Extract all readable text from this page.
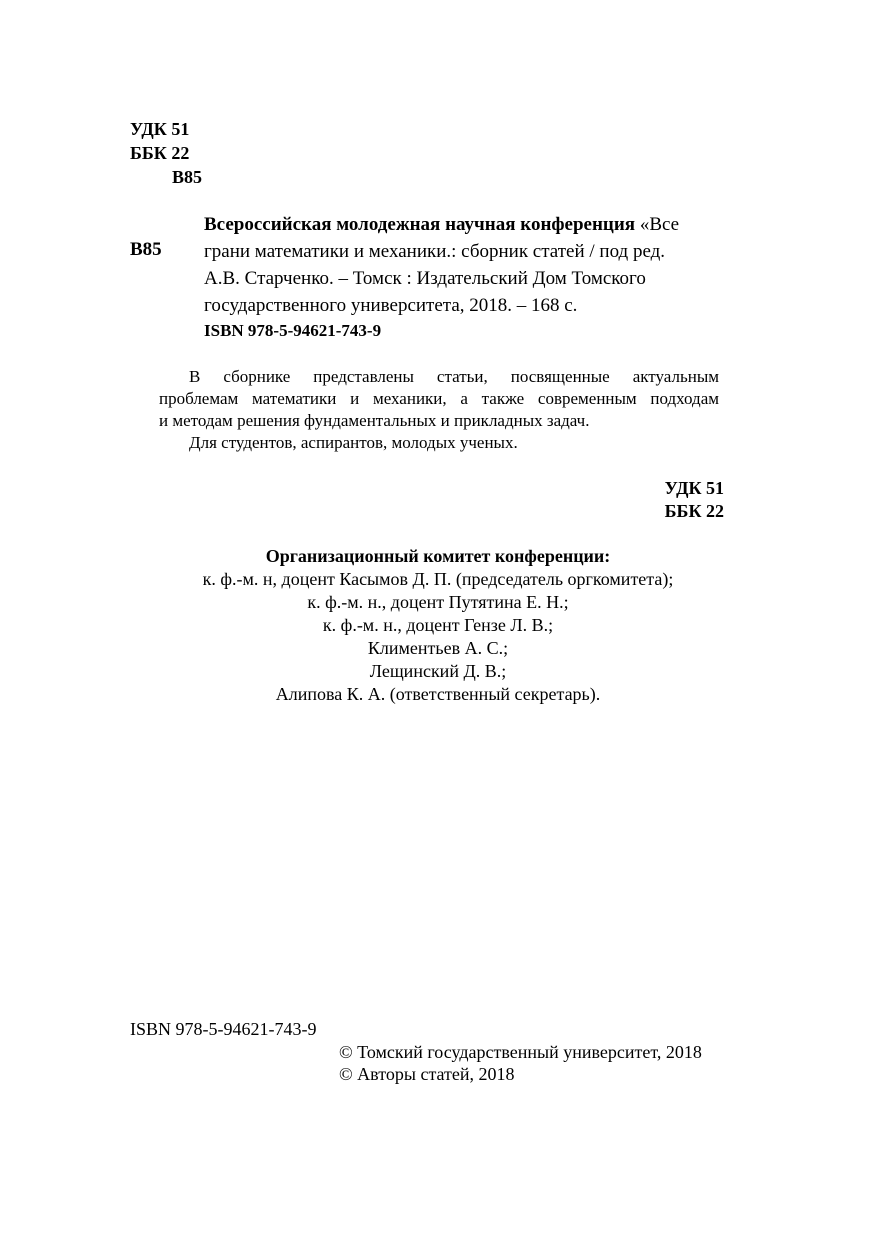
УДК 51
ББК 22
В85
В85
Всероссийская молодежная научная конференция «Все
грани математики и механики.: сборник статей / под ред.
А.В. Старченко. – Томск : Издательский Дом Томского
государственного университета, 2018. – 168 с.
ISBN 978-5-94621-743-9
В сборнике представлены статьи, посвященные актуальным
проблемам математики и механики, а также современным подходам
и методам решения фундаментальных и прикладных задач.
Для студентов, аспирантов, молодых ученых.
УДК 51
ББК 22
Организационный комитет конференции:
к. ф.-м. н, доцент Касымов Д. П. (председатель оргкомитета);
к. ф.-м. н., доцент Путятина Е. Н.;
к. ф.-м. н., доцент Гензе Л. В.;
Климентьев А. С.;
Лещинский Д. В.;
Алипова К. А. (ответственный секретарь).
ISBN 978-5-94621-743-9
© Томский государственный университет, 2018
© Авторы статей, 2018
